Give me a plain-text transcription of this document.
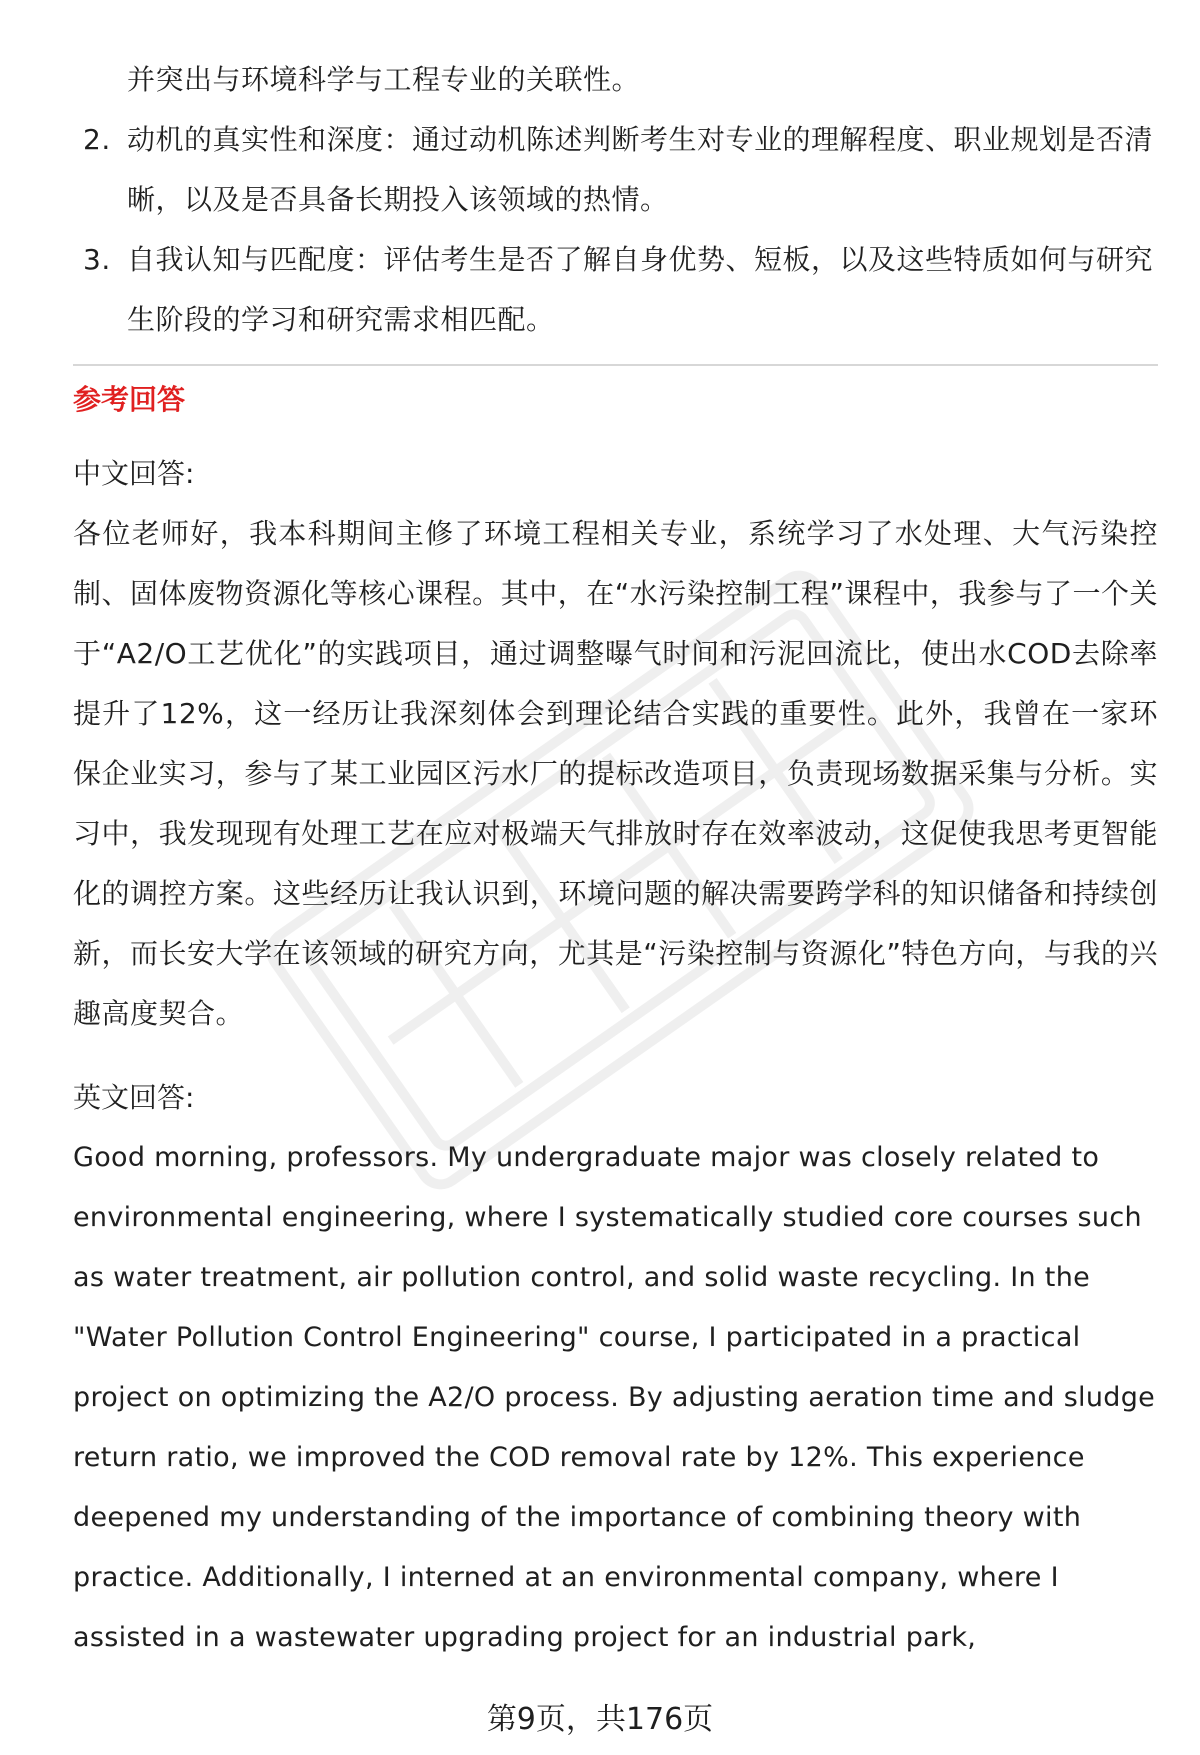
并突出与环境科学与工程专业的关联性。

2. 动机的真实性和深度：通过动机陈述判断考生对专业的理解程度、职业规划是否清晰，以及是否具备长期投入该领域的热情。
3. 自我认知与匹配度：评估考生是否了解自身优势、短板，以及这些特质如何与研究生阶段的学习和研究需求相匹配。
参考回答
中文回答:

各位老师好，我本科期间主修了环境工程相关专业，系统学习了水处理、大气污染控制、固体废物资源化等核心课程。其中，在“水污染控制工程”课程中，我参与了一个关于“A2/O工艺优化”的实践项目，通过调整曝气时间和污泥回流比，使出水COD去除率提升了12%，这一经历让我深刻体会到理论结合实践的重要性。此外，我曾在一家环保企业实习，参与了某工业园区污水厂的提标改造项目，负责现场数据采集与分析。实习中，我发现现有处理工艺在应对极端天气排放时存在效率波动，这促使我思考更智能化的调控方案。这些经历让我认识到，环境问题的解决需要跨学科的知识储备和持续创新，而长安大学在该领域的研究方向，尤其是“污染控制与资源化”特色方向，与我的兴趣高度契合。

英文回答:

Good morning, professors. My undergraduate major was closely related to environmental engineering, where I systematically studied core courses such as water treatment, air pollution control, and solid waste recycling. In the "Water Pollution Control Engineering" course, I participated in a practical project on optimizing the A2/O process. By adjusting aeration time and sludge return ratio, we improved the COD removal rate by 12%. This experience deepened my understanding of the importance of combining theory with practice. Additionally, I interned at an environmental company, where I assisted in a wastewater upgrading project for an industrial park,

第9页，共176页
